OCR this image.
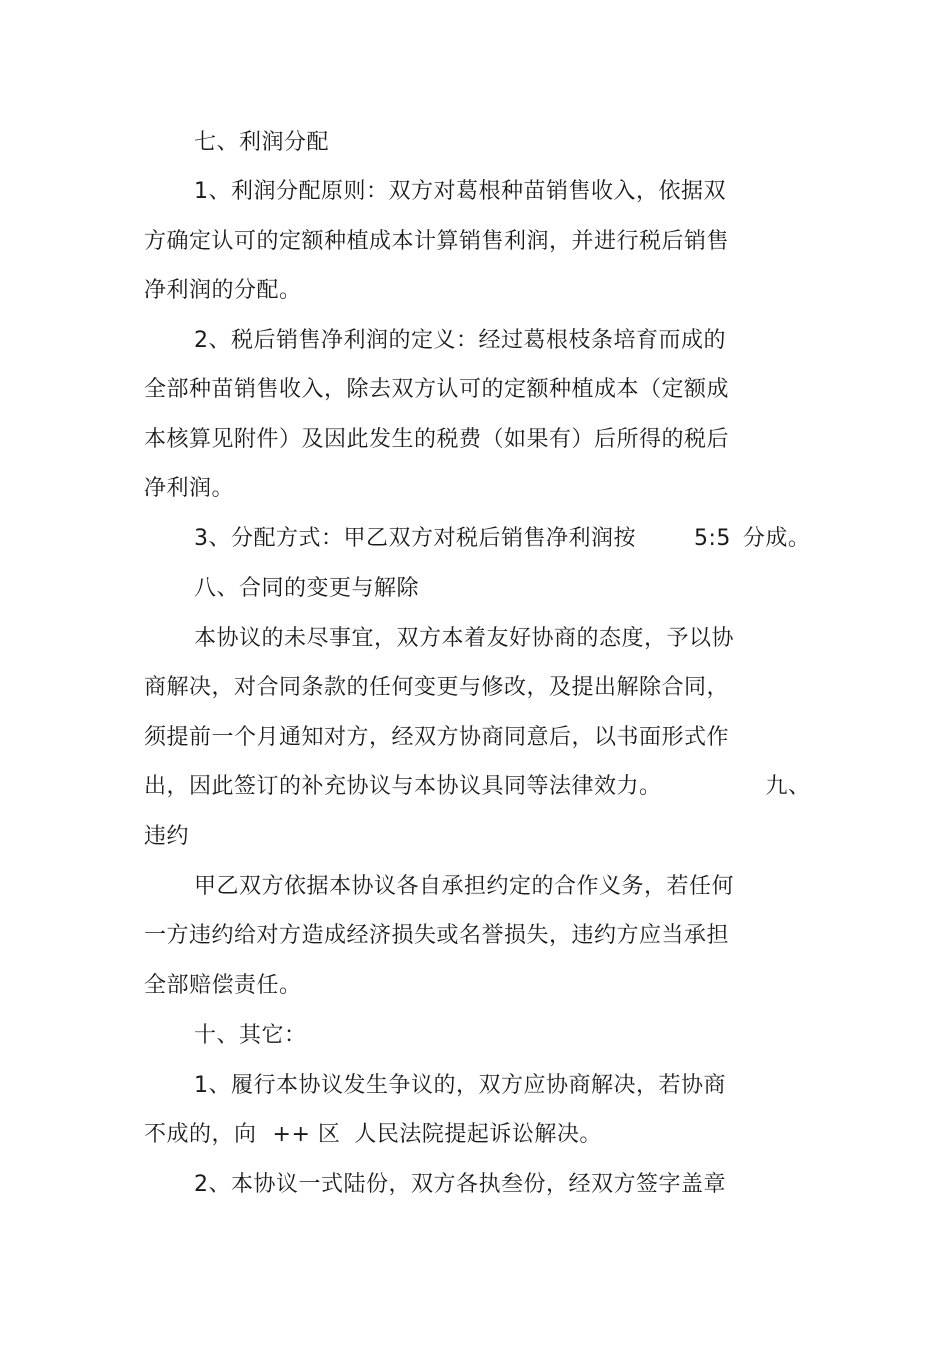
七、利润分配
1、利润分配原则：双方对葛根种苗销售收入，依据双
方确定认可的定额种植成本计算销售利润，并进行税后销售
净利润的分配。
2、税后销售净利润的定义：经过葛根枝条培育而成的
全部种苗销售收入，除去双方认可的定额种植成本（定额成
本核算见附件）及因此发生的税费（如果有）后所得的税后
净利润。
3、分配方式：甲乙双方对税后销售净利润按	5:5 分成。
八、合同的变更与解除
本协议的未尽事宜，双方本着友好协商的态度，予以协
商解决，对合同条款的任何变更与修改，及提出解除合同，
须提前一个月通知对方，经双方协商同意后，以书面形式作
出，因此签订的补充协议与本协议具同等法律效力。	九、
违约
甲乙双方依据本协议各自承担约定的合作义务，若任何
一方违约给对方造成经济损失或名誉损失，违约方应当承担
全部赔偿责任。
十、其它：
1、履行本协议发生争议的，双方应协商解决，若协商
不成的，向 ++ 区 人民法院提起诉讼解决。
2、本协议一式陆份，双方各执叁份，经双方签字盖章
